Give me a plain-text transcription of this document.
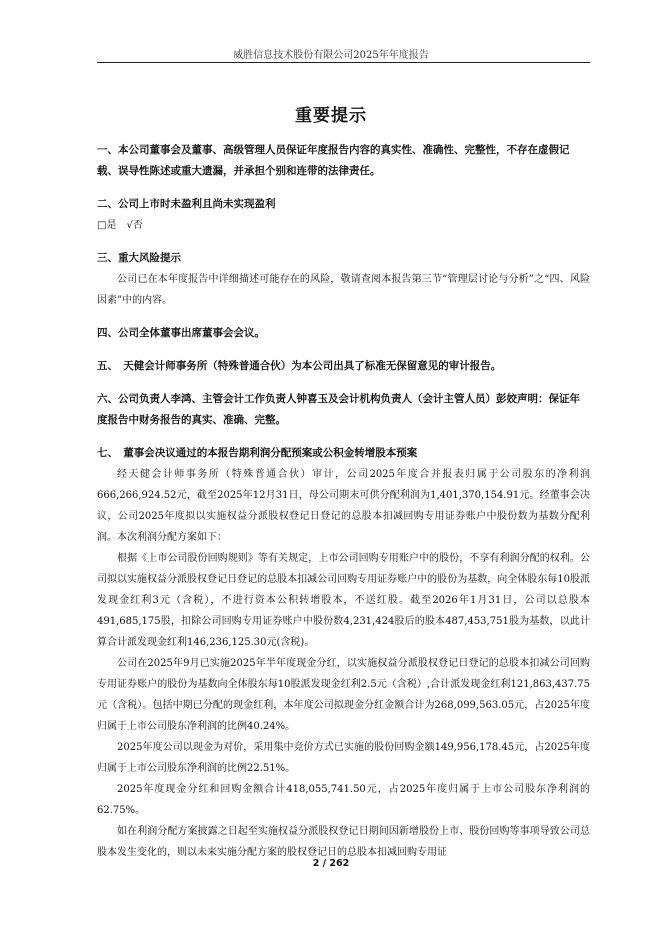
威胜信息技术股份有限公司2025年年度报告
重要提示

一、本公司董事会及董事、高级管理人员保证年度报告内容的真实性、准确性、完整性，不存在虚假记载、误导性陈述或重大遗漏，并承担个别和连带的法律责任。

二、公司上市时未盈利且尚未实现盈利

□是　√否

三、重大风险提示

公司已在本年度报告中详细描述可能存在的风险，敬请查阅本报告第三节“管理层讨论与分析”之“四、风险因素”中的内容。

四、公司全体董事出席董事会会议。

五、　天健会计师事务所（特殊普通合伙）为本公司出具了标准无保留意见的审计报告。

六、公司负责人李鸿、主管会计工作负责人钟喜玉及会计机构负责人（会计主管人员）彭姣声明：保证年度报告中财务报告的真实、准确、完整。

七、　董事会决议通过的本报告期利润分配预案或公积金转增股本预案

经天健会计师事务所（特殊普通合伙）审计，公司2025年度合并报表归属于公司股东的净利润666,266,924.52元，截至2025年12月31日，母公司期末可供分配利润为1,401,370,154.91元。经董事会决议，公司2025年度拟以实施权益分派股权登记日登记的总股本扣减回购专用证券账户中股份数为基数分配利润。本次利润分配方案如下：

根据《上市公司股份回购规则》等有关规定，上市公司回购专用账户中的股份，不享有利润分配的权利。公司拟以实施权益分派股权登记日登记的总股本扣减公司回购专用证券账户中的股份为基数，向全体股东每10股派发现金红利3元（含税），不进行资本公积转增股本，不送红股。截至2026年1月31日，公司以总股本491,685,175股，扣除公司回购专用证券账户中股份数4,231,424股后的股本487,453,751股为基数，以此计算合计派发现金红利146,236,125.30元(含税)。

公司在2025年9月已实施2025年半年度现金分红，以实施权益分派股权登记日登记的总股本扣减公司回购专用证券账户的股份为基数向全体股东每10股派发现金红利2.5元（含税）,合计派发现金红利121,863,437.75元（含税）。包括中期已分配的现金红利，本年度公司拟现金分红金额合计为268,099,563.05元，占2025年度归属于上市公司股东净利润的比例40.24%。

2025年度公司以现金为对价，采用集中竞价方式已实施的股份回购金额149,956,178.45元，占2025年度归属于上市公司股东净利润的比例22.51%。

2025年度现金分红和回购金额合计418,055,741.50元，占2025年度归属于上市公司股东净利润的62.75%。

如在利润分配方案披露之日起至实施权益分派股权登记日期间因新增股份上市、股份回购等事项导致公司总股本发生变化的，则以未来实施分配方案的股权登记日的总股本扣减回购专用证

2 / 262
